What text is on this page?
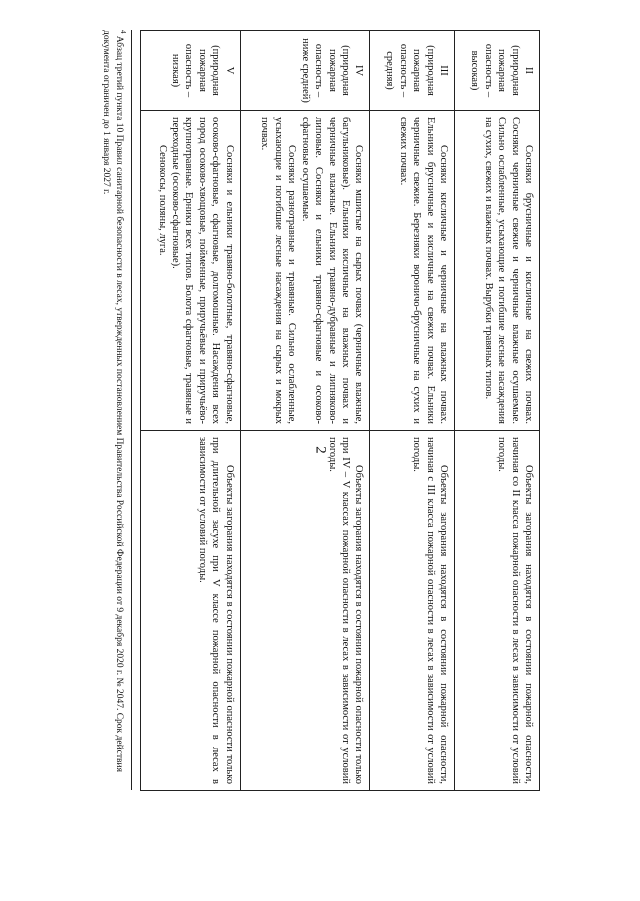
2
II
(природная пожарная опасность – высокая)	Сосняки брусничные и кисличные на свежих почвах. Сосняки черничные свежие и черничные влажные осушаемые. Сильно ослабленные, усыхающие и погибшие лесные насаждения на сухих, свежих и влажных почвах. Вырубки травяных типов.	Объекты загорания находятся в состоянии пожарной опасности, начиная со II класса пожарной опасности в лесах в зависимости от условий погоды.

III
(природная пожарная опасность – средняя)	Сосняки кисличные и черничные на влажных почвах. Ельники брусничные и кисличные на свежих почвах. Ельники черничные свежие. Березняки вороничо-брусничные на сухих и свежих почвах.	Объекты загорания находятся в состоянии пожарной опасности, начиная с III класса пожарной опасности в лесах в зависимости от условий погоды.

IV
(природная пожарная опасность – ниже средней)	Сосняки мшистые на сырых почвах (черничные влажные, багульниковые). Ельники кисличные на влажных почвах и черничные влажные. Ельники травяно-дубравные и липняково-липовые. Сосняки и ельники травяно-сфагновые и осоково-сфагновые осушаемые.
Сосняки разнотравные и травяные. Сильно ослабленные, усыхающие и погибшие лесные насаждения на сырых и мокрых почвах.	Объекты загорания находятся в состоянии пожарной опасности только при IV – V классах пожарной опасности в лесах в зависимости от условий погоды.

V
(природная пожарная опасность – низкая)	Сосняки и ельники травяно-болотные, травяно-сфагновые, осоково-сфагновые, сфагновые, долгомошные. Насаждения всех пород осоково-хвощовые, пойменные, приручьёвые и приручьёво-крупнотравные. Ерники всех типов. Болота сфагновые, травяные и переходные (осоково-сфагновые).
Сенокосы, поляны, луга.	Объекты загорания находятся в состоянии пожарной опасности только при длительной засухе при V классе пожарной опасности в лесах в зависимости от условий погоды.
$^4$ Абзац третий пункта 10 Правил санитарной безопасности в лесах, утвержденных постановлением Правительства Российской Федерации от 9 декабря 2020 г. № 2047. Срок действия документа ограничен до 1 января 2027 г.
